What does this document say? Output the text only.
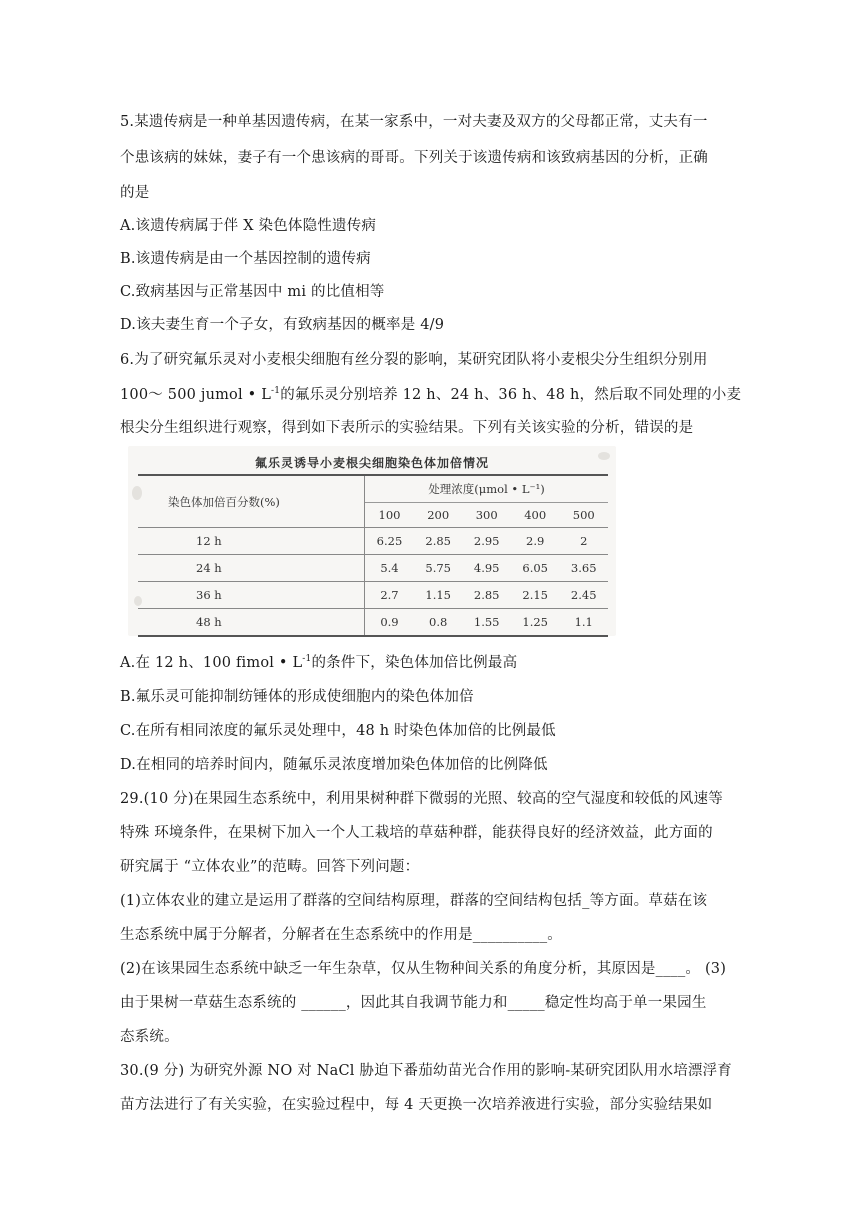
5.某遗传病是一种单基因遗传病，在某一家系中，一对夫妻及双方的父母都正常，丈夫有一
个患该病的妹妹，妻子有一个患该病的哥哥。下列关于该遗传病和该致病基因的分析，正确
的是
A.该遗传病属于伴 X 染色体隐性遗传病
B.该遗传病是由一个基因控制的遗传病
C.致病基因与正常基因中 mi 的比值相等
D.该夫妻生育一个子女，有致病基因的概率是 4/9
6.为了研究氟乐灵对小麦根尖细胞有丝分裂的影响，某研究团队将小麦根尖分生组织分别用
100～ 500 jumol • $L^{-1}$的氟乐灵分别培养 12 h、24 h、36 h、48 h，然后取不同处理的小麦
根尖分生组织进行观察，得到如下表所示的实验结果。下列有关该实验的分析，错误的是
氟乐灵诱导小麦根尖细胞染色体加倍情况
染色体加倍百分数(%)	处理浓度(μmol • L⁻¹)				
	100	200	300	400	500
12 h	6.25	2.85	2.95	2.9	2
24 h	5.4	5.75	4.95	6.05	3.65
36 h	2.7	1.15	2.85	2.15	2.45
48 h	0.9	0.8	1.55	1.25	1.1
A.在 12 h、100 fimol • $L^{-1}$的条件下，染色体加倍比例最高
B.氟乐灵可能抑制纺锤体的形成使细胞内的染色体加倍
C.在所有相同浓度的氟乐灵处理中，48 h 时染色体加倍的比例最低
D.在相同的培养时间内，随氟乐灵浓度增加染色体加倍的比例降低
29.(10 分)在果园生态系统中，利用果树种群下微弱的光照、较高的空气湿度和较低的风速等
特殊 环境条件，在果树下加入一个人工栽培的草菇种群，能获得良好的经济效益，此方面的
研究属于 “立体农业”的范畴。回答下列问题：
(1)立体农业的建立是运用了群落的空间结构原理，群落的空间结构包括_等方面。草菇在该
生态系统中属于分解者，分解者在生态系统中的作用是__________。
(2)在该果园生态系统中缺乏一年生杂草，仅从生物种间关系的角度分析，其原因是____。 (3)
由于果树一草菇生态系统的 ______，因此其自我调节能力和_____稳定性均高于单一果园生
态系统。
30.(9 分) 为研究外源 NO 对 NaCl 胁迫下番茄幼苗光合作用的影响-某研究团队用水培漂浮育
苗方法进行了有关实验，在实验过程中，每 4 天更换一次培养液进行实验，部分实验结果如
